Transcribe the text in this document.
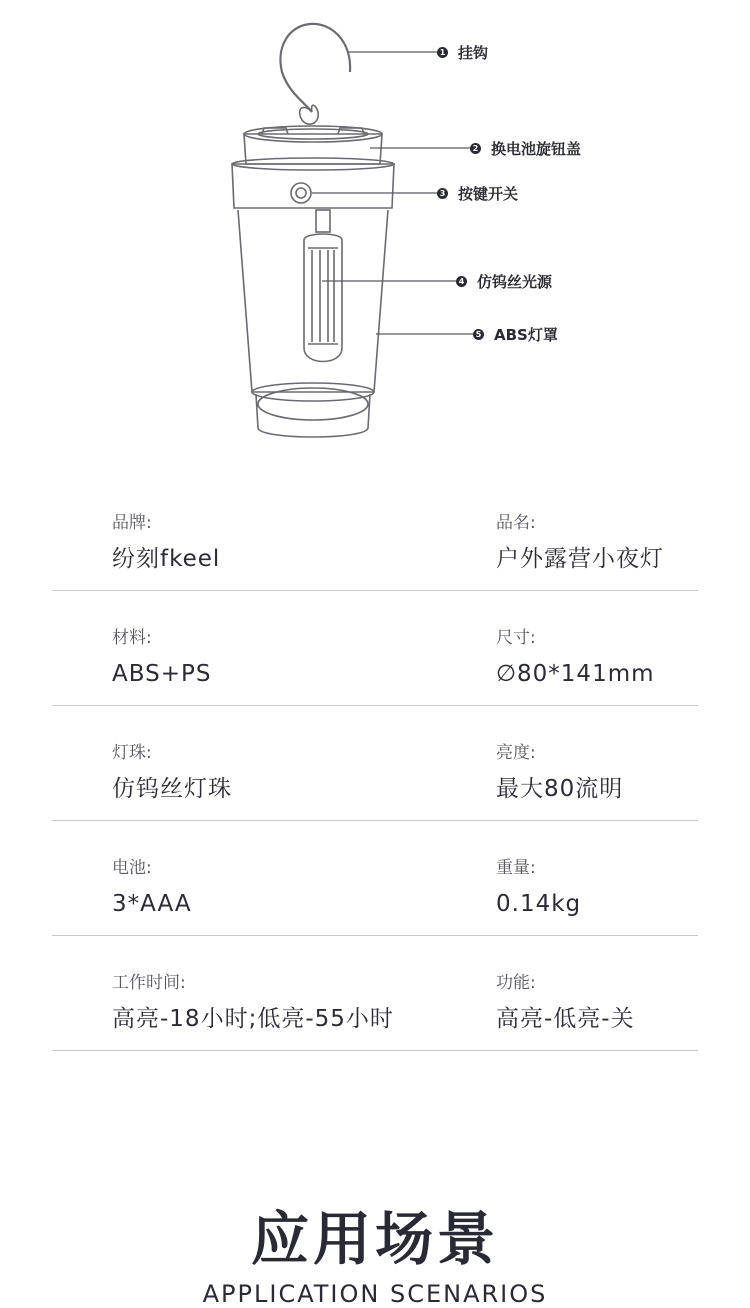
1 挂钩
2 换电池旋钮盖
3 按键开关
4 仿钨丝光源
5 ABS灯罩
品牌:
纷刻fkeel
品名:
户外露营小夜灯
材料:
ABS+PS
尺寸:
∅80*141mm
灯珠:
仿钨丝灯珠
亮度:
最大80流明
电池:
3*AAA
重量:
0.14kg
工作时间:
高亮-18小时;低亮-55小时
功能:
高亮-低亮-关
应用场景
APPLICATION SCENARIOS
